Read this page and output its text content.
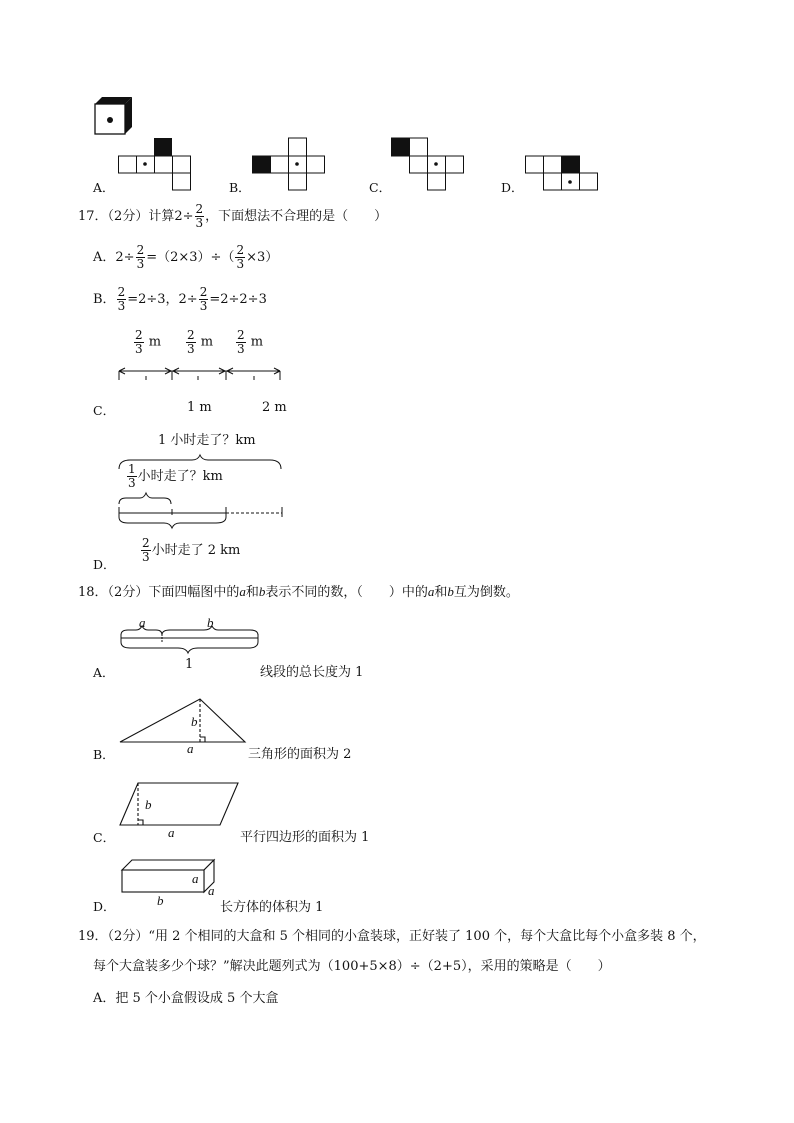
A．	B．	C．	D．
17．（2分）计算$2\div \frac{2}{3}$ ，下面想法不合理的是（　　）
A．$2\div \frac{2}{3} =(2\times 3)\div( \frac{2}{3} \times 3)$
B． $\frac{2}{3} =2\div 3$，$2\div \frac{2}{3} =2\div 2\div 3$
$\frac{2}{3}$ m $\frac{2}{3}$ m $\frac{2}{3}$ m
C．	1 m	2 m
1 小时走了？km
$\frac{1}{3}$ 小时走了？km
D．
$\frac{2}{3}$ 小时走了 2 km
18．（2分）下面四幅图中的a和b表示不同的数，（　　）中的a和b互为倒数。
a	b
1
A．	线段的总长度为 1
b
a
B．	三角形的面积为 2
b
a
C．	平行四边形的面积为 1
a
a
b
D．	长方体的体积为 1
19．（2分）“用 2 个相同的大盒和 5 个相同的小盒装球，正好装了 100 个，每个大盒比每个小盒多装 8 个，
每个大盒装多少个球？”解决此题列式为（100+5×8）÷（2+5），采用的策略是（　　）
A．把 5 个小盒假设成 5 个大盒
